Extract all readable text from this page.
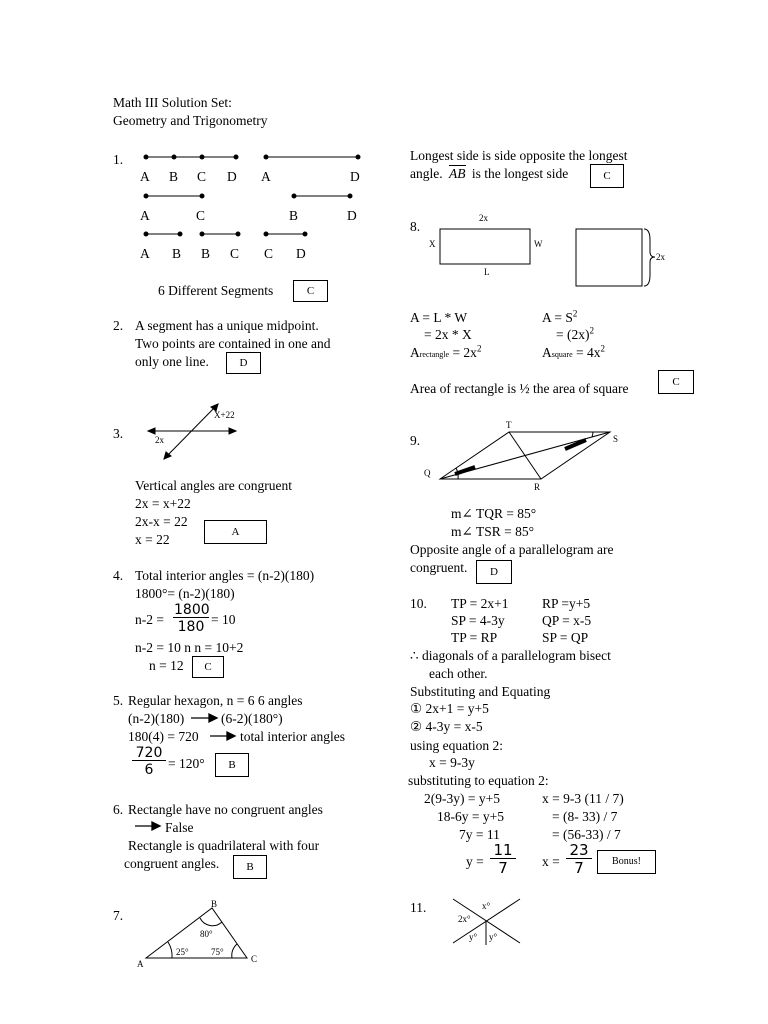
Math III Solution Set:
Geometry and Trigonometry
1.
A B C D A	D
A	C	B	D
A B B C C D
6 Different Segments	C
2. A segment has a unique midpoint.
Two points are contained in one and
only one line.	D
3.
X+22
2x
Vertical angles are congruent
2x = x+22
2x-x = 22
x = 22	A
4. Total interior angles = (n-2)(180)
1800°= (n-2)(180)
$n-2 = \frac{1800}{180} = 10$
n-2 = 10 n n = 10+2
n = 12	C
5. Regular hexagon, n = 6 6 angles
(n-2)(180)	(6-2)(180°)
180(4) = 720	total interior angles
$\frac{720}{6} = 120^\circ$	B
6. Rectangle have no congruent angles
False
Rectangle is quadrilateral with four
congruent angles.	B
7.
A
B
C
80°
25° 75°
Longest side is side opposite the longest
angle. AB is the longest side	C
8.
2x
X	W
L
2x
A = L * W	$A = S^2$
= 2x * X	= $(2x)^2$
Arectangle = $2x^2$	Asquare = $4x^2$
Area of rectangle is ½ the area of square	C
9.
T
S
Q
R
m∠ TQR = 85°
m∠ TSR = 85°
Opposite angle of a parallelogram are
congruent.	D
10. TP = 2x+1 RP =y+5
SP = 4-3y	QP = x-5
TP = RP	SP = QP
∴ diagonals of a parallelogram bisect
each other.
Substituting and Equating
① 2x+1 = y+5
② 4-3y = x-5
using equation 2:
x = 9-3y
substituting to equation 2:
2(9-3y) = y+5	x = 9-3 (11 / 7)
18-6y = y+5	= (8- 33) / 7
7y = 11	= (56-33) / 7
$y = \frac{11}{7}$ $x = \frac{23}{7}$	Bonus!
11.	x°
2x°
y° y°
